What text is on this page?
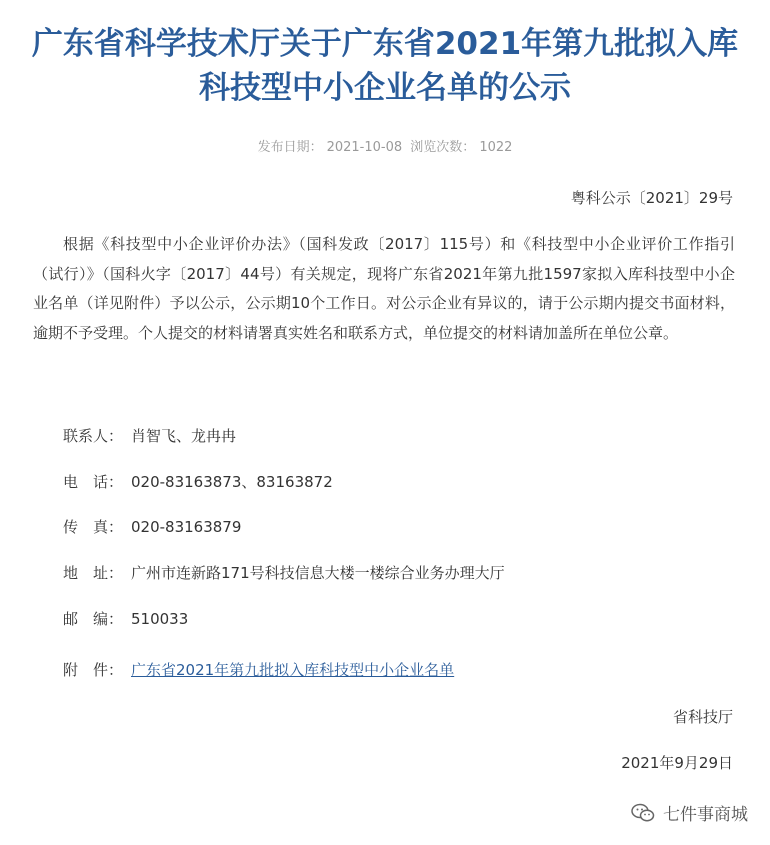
广东省科学技术厅关于广东省2021年第九批拟入库科技型中小企业名单的公示
发布日期： 2021-10-08 浏览次数： 1022
粤科公示〔2021〕29号
根据《科技型中小企业评价办法》（国科发政〔2017〕115号）和《科技型中小企业评价工作指引（试行）》（国科火字〔2017〕44号）有关规定，现将广东省2021年第九批1597家拟入库科技型中小企业名单（详见附件）予以公示，公示期10个工作日。对公示企业有异议的，请于公示期内提交书面材料，逾期不予受理。个人提交的材料请署真实姓名和联系方式，单位提交的材料请加盖所在单位公章。
联系人： 肖智飞、龙冉冉
电　话： 020-83163873、83163872
传　真： 020-83163879
地　址： 广州市连新路171号科技信息大楼一楼综合业务办理大厅
邮　编： 510033
附　件： 广东省2021年第九批拟入库科技型中小企业名单
省科技厅
2021年9月29日
七件事商城
